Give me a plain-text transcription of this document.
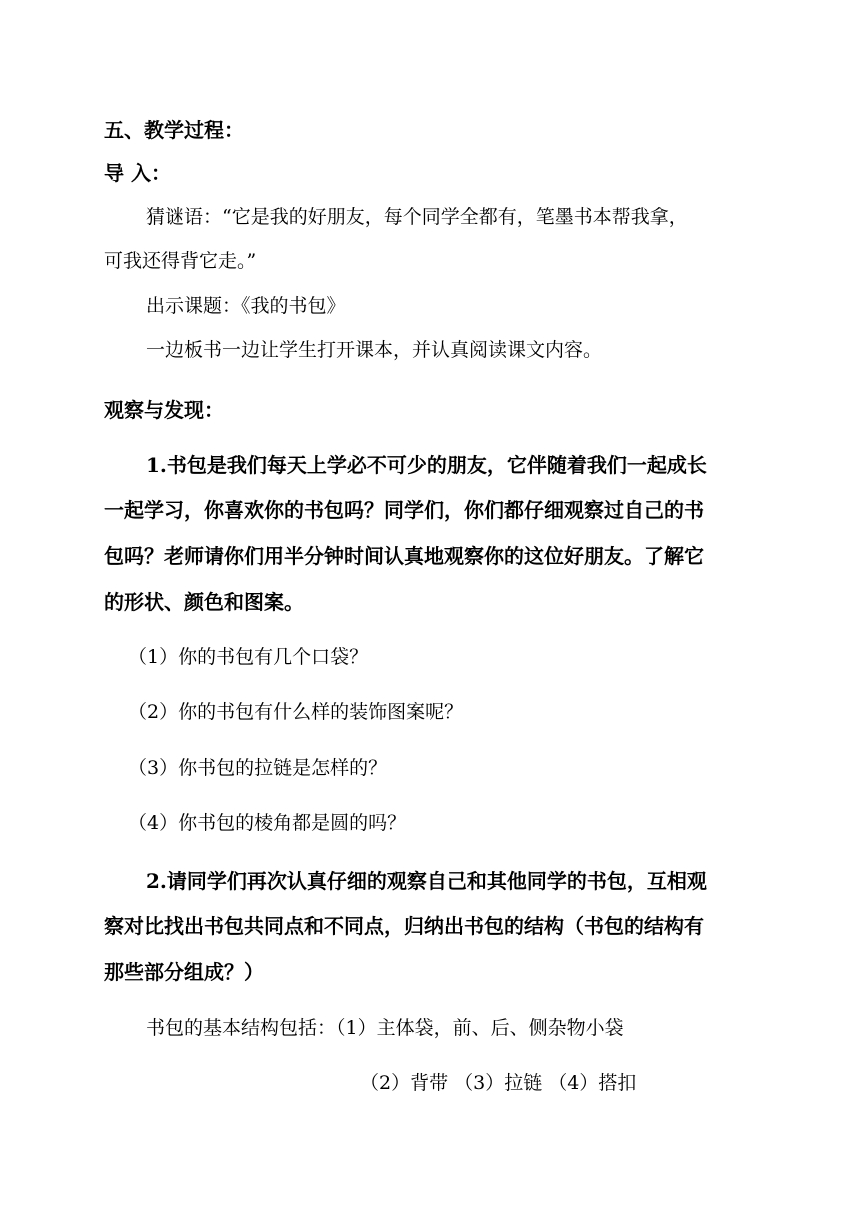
五、教学过程：
导 入：
猜谜语：“它是我的好朋友，每个同学全都有，笔墨书本帮我拿，
可我还得背它走。”
出示课题：《我的书包》
一边板书一边让学生打开课本，并认真阅读课文内容。
观察与发现：
1.书包是我们每天上学必不可少的朋友，它伴随着我们一起成长
一起学习，你喜欢你的书包吗？同学们，你们都仔细观察过自己的书
包吗？老师请你们用半分钟时间认真地观察你的这位好朋友。了解它
的形状、颜色和图案。
（1）你的书包有几个口袋？
（2）你的书包有什么样的装饰图案呢？
（3）你书包的拉链是怎样的？
（4）你书包的棱角都是圆的吗？
2.请同学们再次认真仔细的观察自己和其他同学的书包，互相观
察对比找出书包共同点和不同点，归纳出书包的结构（书包的结构有
那些部分组成？）
书包的基本结构包括：（1）主体袋，前、后、侧杂物小袋
（2）背带 （3）拉链 （4）搭扣
